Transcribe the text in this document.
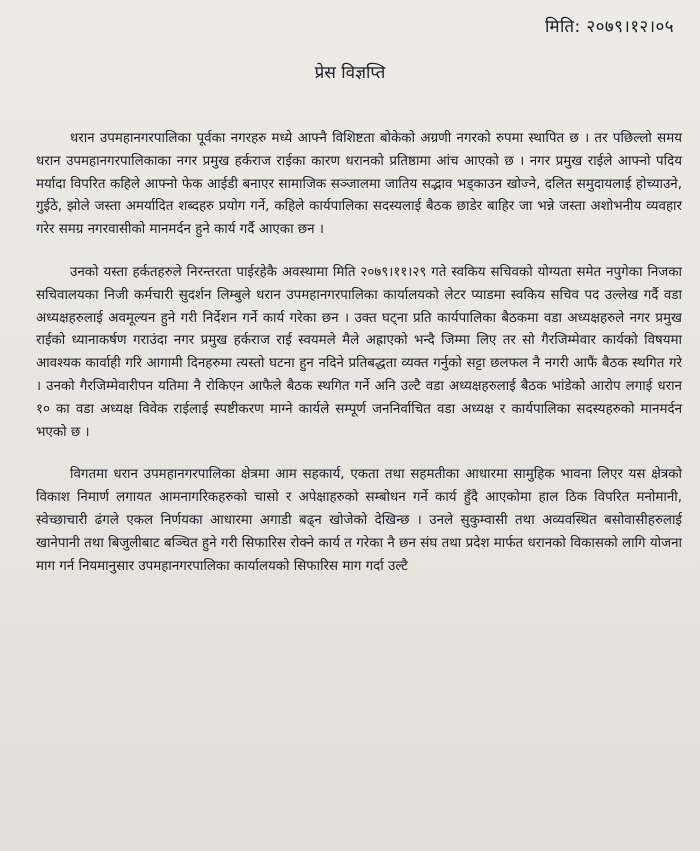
मिति: २०७९।१२।०५
प्रेस विज्ञप्ति

धरान उपमहानगरपालिका पूर्वका नगरहरु मध्ये आफ्नै विशिष्टता बोकेको अग्रणी नगरको रुपमा स्थापित छ । तर पछिल्लो समय धरान उपमहानगरपालिकाका नगर प्रमुख हर्कराज राईका कारण धरानको प्रतिष्ठामा आंच आएको छ । नगर प्रमुख राईले आफ्नो पदिय मर्यादा विपरित कहिले आफ्नो फेक आईडी बनाएर सामाजिक सञ्जालमा जातिय सद्भाव भड्काउन खोज्ने, दलित समुदायलाई होच्याउने, गुईठे, झोले जस्ता अमर्यादित शब्दहरु प्रयोग गर्ने, कहिले कार्यपालिका सदस्यलाई बैठक छाडेर बाहिर जा भन्ने जस्ता अशोभनीय व्यवहार गरेर समग्र नगरवासीको मानमर्दन हुने कार्य गर्दै आएका छन ।

उनको यस्ता हर्कतहरुले निरन्तरता पाईरहेकै अवस्थामा मिति २०७९।११।२९ गते स्वकिय सचिवको योग्यता समेत नपुगेका निजका सचिवालयका निजी कर्मचारी सुदर्शन लिम्बुले धरान उपमहानगरपालिका कार्यालयको लेटर प्याडमा स्वकिय सचिव पद उल्लेख गर्दै वडा अध्यक्षहरुलाई अवमूल्यन हुने गरी निर्देशन गर्ने कार्य गरेका छन । उक्त घट्ना प्रति कार्यपालिका बैठकमा वडा अध्यक्षहरुले नगर प्रमुख राईको ध्यानाकर्षण गराउंदा नगर प्रमुख हर्कराज राई स्वयमले मैले अह्राएको भन्दै जिम्मा लिए तर सो गैरजिम्मेवार कार्यको विषयमा आवश्यक कार्वाही गरि आगामी दिनहरुमा त्यस्तो घटना हुन नदिने प्रतिबद्धता व्यक्त गर्नुको सट्टा छलफल नै नगरी आफैं बैठक स्थगित गरे । उनको गैरजिम्मेवारीपन यतिमा नै रोकिएन आफैले बैठक स्थगित गर्ने अनि उल्टै वडा अध्यक्षहरुलाई बैठक भांडेको आरोप लगाई धरान १० का वडा अध्यक्ष विवेक राईलाई स्पष्टीकरण माग्ने कार्यले सम्पूर्ण जननिर्वाचित वडा अध्यक्ष र कार्यपालिका सदस्यहरुको मानमर्दन भएको छ ।

विगतमा धरान उपमहानगरपालिका क्षेत्रमा आम सहकार्य, एकता तथा सहमतीका आधारमा सामुहिक भावना लिएर यस क्षेत्रको विकाश निमार्ण लगायत आमनागरिकहरुको चासो र अपेक्षाहरुको सम्बोधन गर्ने कार्य हुँदै आएकोमा हाल ठिक विपरित मनोमानी, स्वेच्छाचारी ढंगले एकल निर्णयका आधारमा अगाडी बढ्न खोजेको देखिन्छ । उनले सुकुम्वासी तथा अव्यवस्थित बसोवासीहरुलाई खानेपानी तथा बिजुलीबाट बञ्चित हुने गरी सिफारिस रोक्ने कार्य त गरेका नै छन संघ तथा प्रदेश मार्फत धरानको विकासको लागि योजना माग गर्न नियमानुसार उपमहानगरपालिका कार्यालयको सिफारिस माग गर्दा उल्टै
